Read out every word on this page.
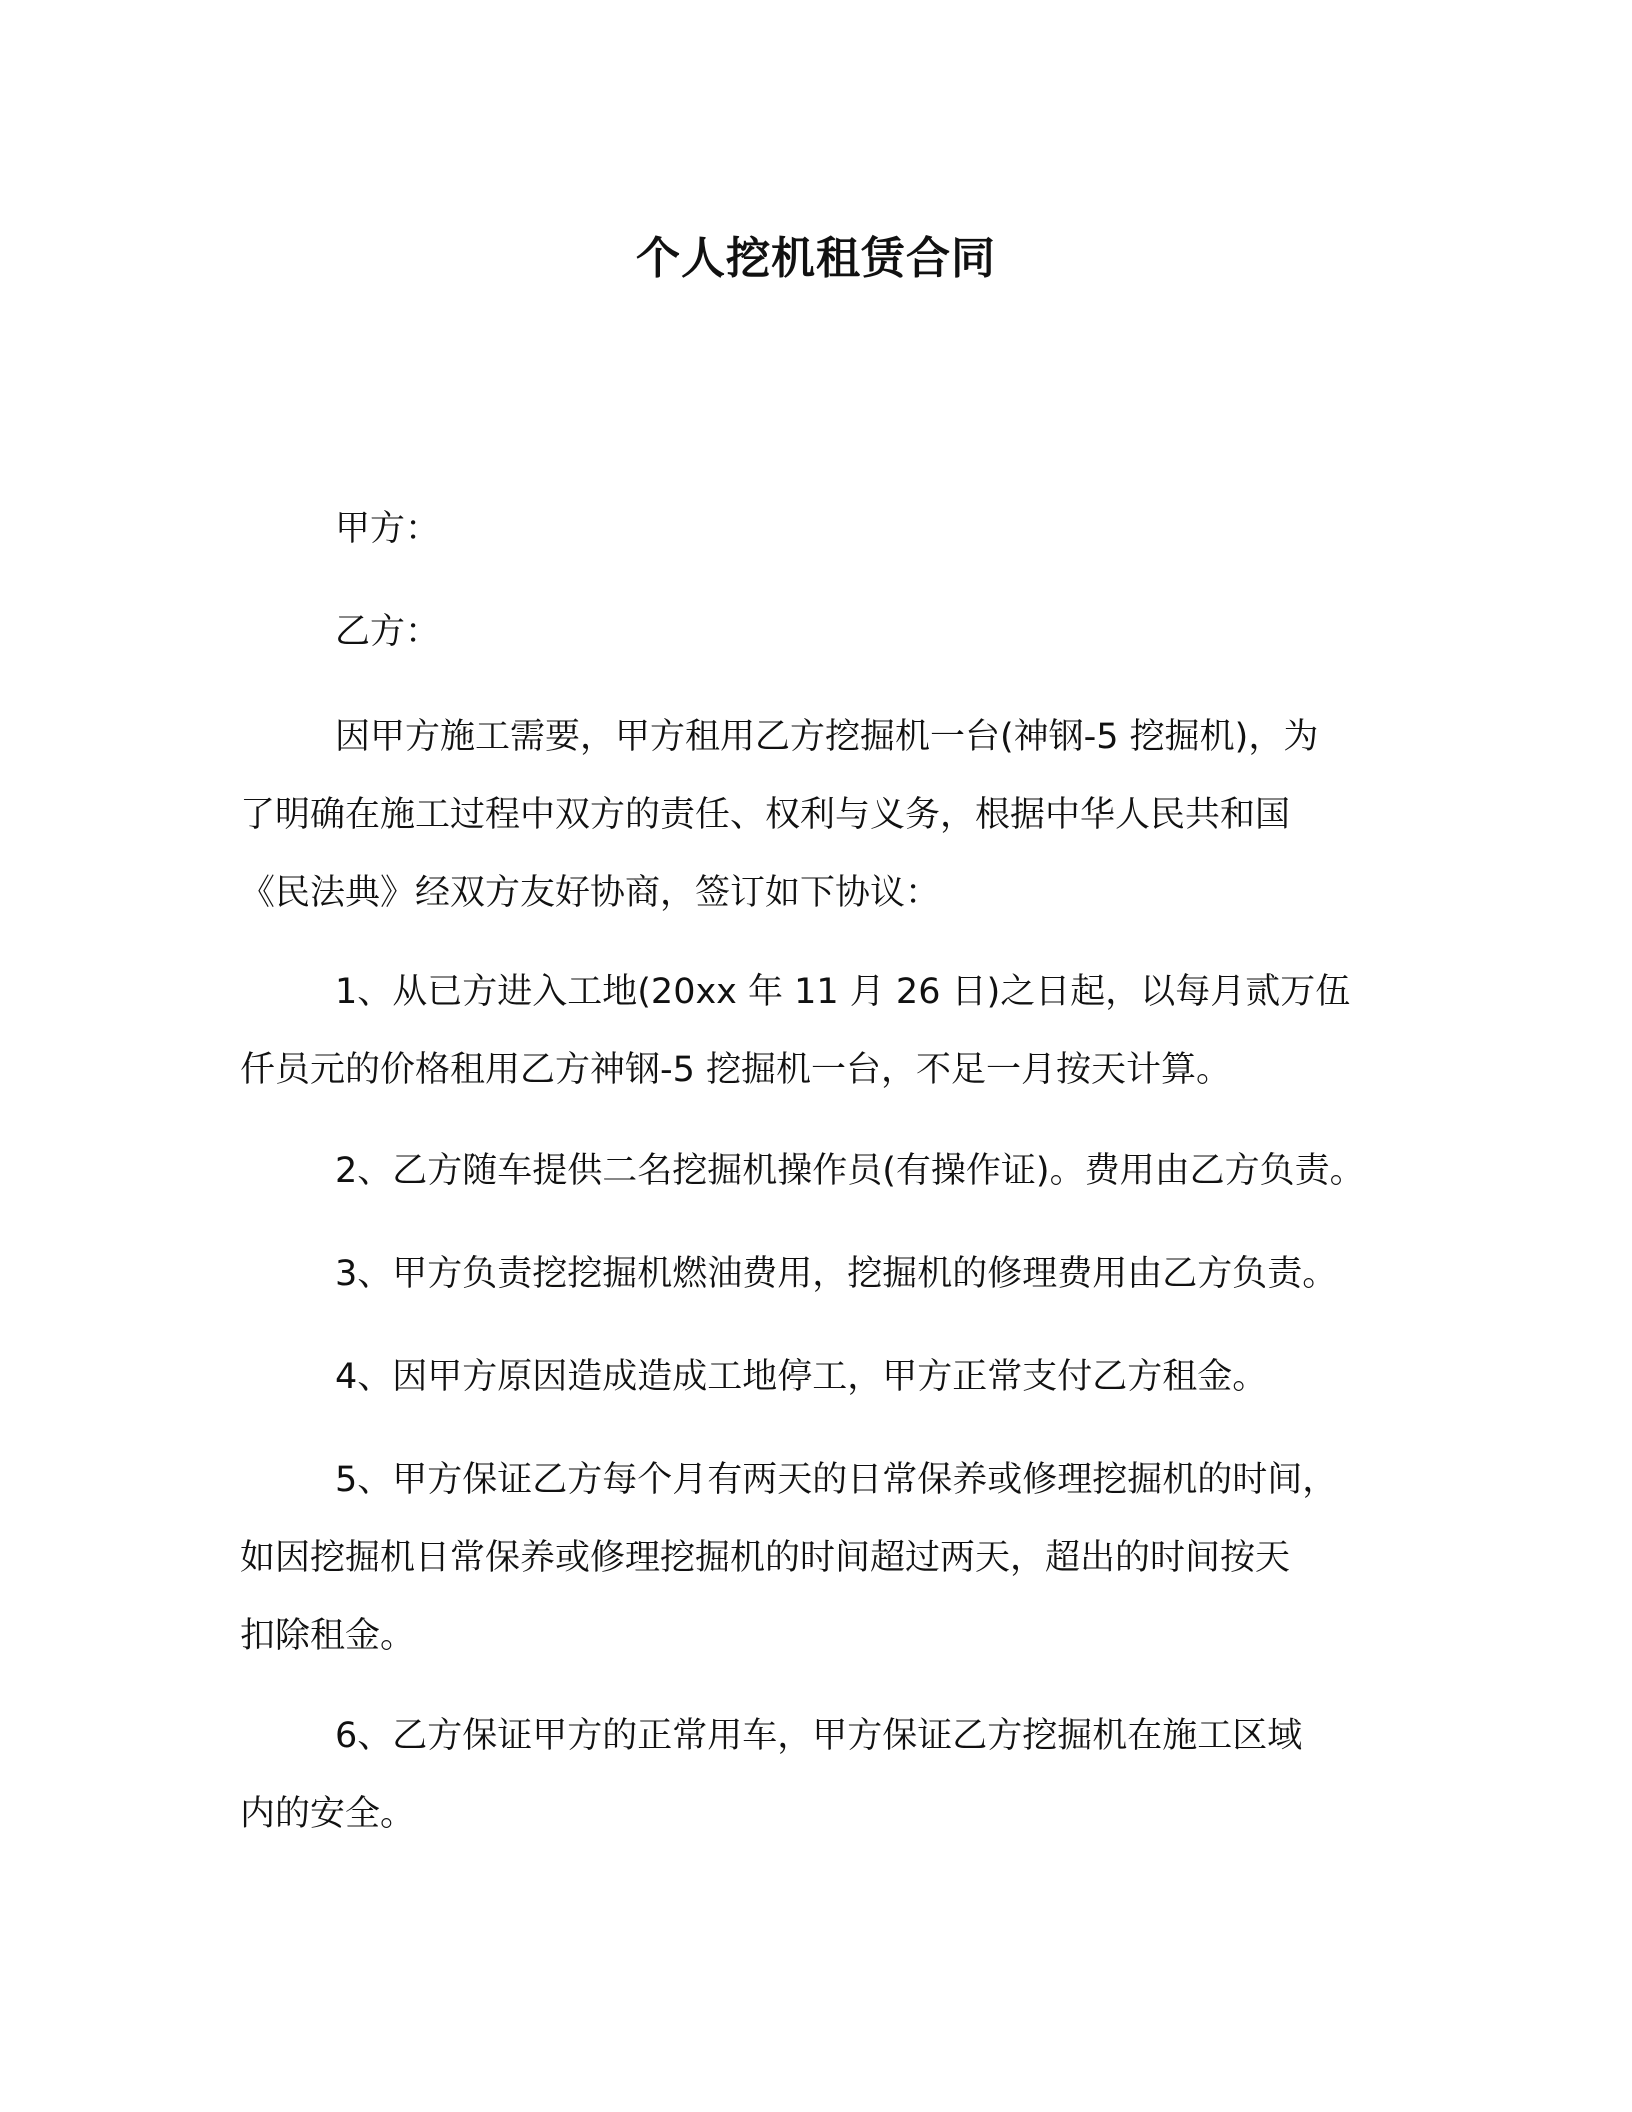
个人挖机租赁合同

甲方：

乙方：

因甲方施工需要，甲方租用乙方挖掘机一台(神钢-5 挖掘机)，为
了明确在施工过程中双方的责任、权利与义务，根据中华人民共和国
《民法典》经双方友好协商，签订如下协议：

1、从已方进入工地(20xx 年 11 月 26 日)之日起，以每月贰万伍
仟员元的价格租用乙方神钢-5 挖掘机一台，不足一月按天计算。

2、乙方随车提供二名挖掘机操作员(有操作证)。费用由乙方负责。

3、甲方负责挖挖掘机燃油费用，挖掘机的修理费用由乙方负责。

4、因甲方原因造成造成工地停工，甲方正常支付乙方租金。

5、甲方保证乙方每个月有两天的日常保养或修理挖掘机的时间，
如因挖掘机日常保养或修理挖掘机的时间超过两天，超出的时间按天
扣除租金。

6、乙方保证甲方的正常用车，甲方保证乙方挖掘机在施工区域
内的安全。
